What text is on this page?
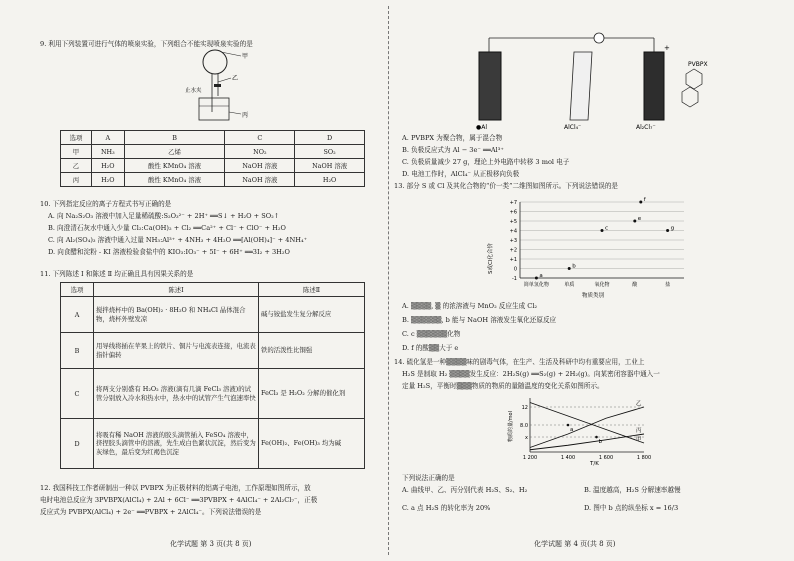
9. 利用下列装置可进行气体的喷泉实验，下列组合不能实现喷泉实验的是
甲
乙
止水夹
丙
选项	A	B	C	D
甲	NH₃	乙烯	NO₂	SO₂
乙	H₂O	酸性 KMnO₄ 溶液	NaOH 溶液	NaOH 溶液
丙	H₂O	酸性 KMnO₄ 溶液	NaOH 溶液	H₂O
10. 下列指定反应的离子方程式书写正确的是
A. 向 Na₂S₂O₃ 溶液中加入足量稀硫酸:S₂O₃²⁻ + 2H⁺ ══S↓ + H₂O + SO₂↑
B. 向澄清石灰水中通入少量 Cl₂:Ca(OH)₂ + Cl₂ ══Ca²⁺ + Cl⁻ + ClO⁻ + H₂O
C. 向 Al₂(SO₄)₃ 溶液中通入过量 NH₃:Al³⁺ + 4NH₃ + 4H₂O ══[Al(OH)₄]⁻ + 4NH₄⁺
D. 向食醋和淀粉 - KI 溶液检验食盐中的 KIO₃:IO₃⁻ + 5I⁻ + 6H⁺ ══3I₂ + 3H₂O
11. 下列陈述 Ⅰ 和陈述 Ⅱ 均正确且具有因果关系的是
选项	陈述Ⅰ	陈述Ⅱ
A	搅拌烧杯中的 Ba(OH)₂ · 8H₂O 和 NH₄Cl 晶体混合物，烧杯外壁发凉	碱与铵盐发生复分解反应
B	用导线将插在苹果上的铁片、铜片与电流表连接，电流表指针偏转	铁的活泼性比铜强
C	将两支分别盛有 H₂O₂ 溶液(滴有几滴 FeCl₃ 溶液)的试管分别放入冷水和热水中，热水中的试管产生气泡速率快	FeCl₃ 是 H₂O₂ 分解的催化剂
D	将吸有稀 NaOH 溶液的胶头滴管插入 FeSO₄ 溶液中，挤捏胶头滴管中的溶液，先生成白色絮状沉淀，然后变为灰绿色，最后变为红褐色沉淀	Fe(OH)₂、Fe(OH)₃ 均为碱
12. 我国科技工作者研制出一种以 PVBPX 为正极材料的铝离子电池，工作原理如图所示，放
电时电池总反应为 3PVBPX(AlCl₄) + 2Al + 6Cl⁻ ══3PVBPX + 4AlCl₄⁻ + 2Al₂Cl₇⁻，正极
反应式为 PVBPX(AlCl₄) + 2e⁻ ══PVBPX + 2AlCl₄⁻。下列说法错误的是
化学试题 第 3 页(共 8 页)
PVBPX
●Al	AlCl₄⁻	Al₂Cl₇⁻
+
A. PVBPX 为聚合物，属于混合物
B. 负极反应式为 Al − 3e⁻ ══Al³⁺
C. 负极质量减少 27 g，理论上外电路中转移 3 mol 电子
D. 电池工作时，AlCl₄⁻ 从正极移向负极
13. 部分 S 或 Cl 及其化合物的“价一类”二维图如图所示。下列说法错误的是
S或Cl化合价
物质类别
-1
0
+1
+2
+3
+4
+5
+6
+7
简单氢化物	单质	氧化物	酸	盐
a
b
c
e
f
g
A. ▒▒▒▒, ▒ 的浓溶液与 MnO₂ 反应生成 Cl₂
B. ▒▒▒▒▒▒, b 能与 NaOH 溶液发生氧化还原反应
C. c ▒▒▒▒▒▒化物
D. f 的酸▒▒大于 e
14. 硫化氢是一种▒▒▒▒味的剧毒气体，在生产、生活及科研中均有重要应用，工业上
H₂S 是制取 H₂ ▒▒▒▒发生反应：2H₂S(g) ══S₂(g) + 2H₂(g)。向某密闭容器中通入一
定量 H₂S，平衡时▒▒▒物质的物质的量随温度的变化关系如图所示。
物质的量/mol
T/K
1 200	1 400	1 600	1 800
x
8.0
12
甲
乙
丙
a
b
下列说法正确的是
A. 曲线甲、乙、丙分别代表 H₂S、S₂、H₂	B. 温度越高，H₂S 分解速率越慢
C. a 点 H₂S 的转化率为 20%	D. 图中 b 点的纵坐标 x = 16/3
化学试题 第 4 页(共 8 页)
